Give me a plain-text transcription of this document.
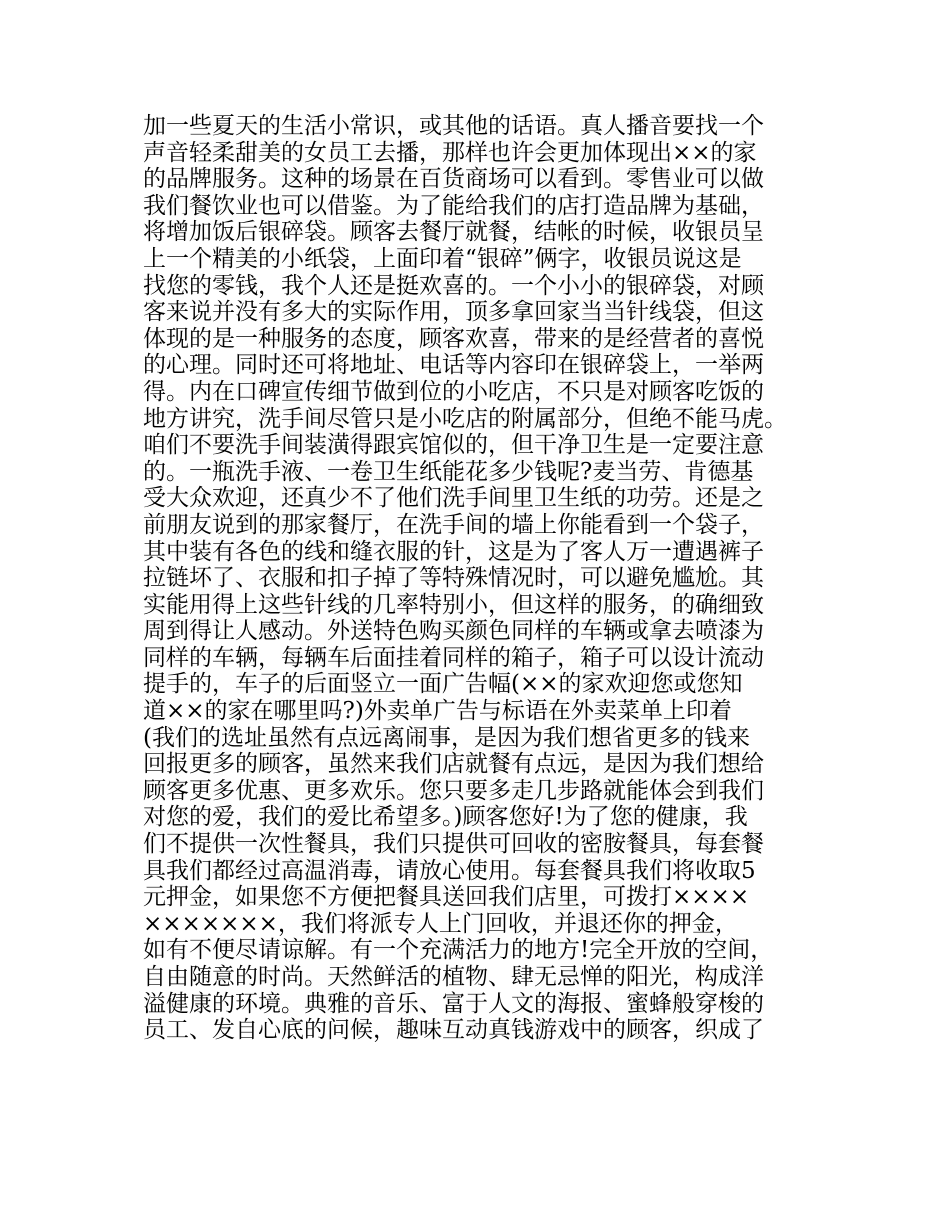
加一些夏天的生活小常识，或其他的话语。真人播音要找一个
声音轻柔甜美的女员工去播，那样也许会更加体现出××的家
的品牌服务。这种的场景在百货商场可以看到。零售业可以做
我们餐饮业也可以借鉴。为了能给我们的店打造品牌为基础，
将增加饭后银碎袋。顾客去餐厅就餐，结帐的时候，收银员呈
上一个精美的小纸袋，上面印着“银碎”俩字，收银员说这是
找您的零钱，我个人还是挺欢喜的。一个小小的银碎袋，对顾
客来说并没有多大的实际作用，顶多拿回家当当针线袋，但这
体现的是一种服务的态度，顾客欢喜，带来的是经营者的喜悦
的心理。同时还可将地址、电话等内容印在银碎袋上，一举两
得。内在口碑宣传细节做到位的小吃店，不只是对顾客吃饭的
地方讲究，洗手间尽管只是小吃店的附属部分，但绝不能马虎。
咱们不要洗手间装潢得跟宾馆似的，但干净卫生是一定要注意
的。一瓶洗手液、一卷卫生纸能花多少钱呢?麦当劳、肯德基
受大众欢迎，还真少不了他们洗手间里卫生纸的功劳。还是之
前朋友说到的那家餐厅，在洗手间的墙上你能看到一个袋子，
其中装有各色的线和缝衣服的针，这是为了客人万一遭遇裤子
拉链坏了、衣服和扣子掉了等特殊情况时，可以避免尴尬。其
实能用得上这些针线的几率特别小，但这样的服务，的确细致
周到得让人感动。外送特色购买颜色同样的车辆或拿去喷漆为
同样的车辆，每辆车后面挂着同样的箱子，箱子可以设计流动
提手的，车子的后面竖立一面广告幅(××的家欢迎您或您知
道××的家在哪里吗?)外卖单广告与标语在外卖菜单上印着
(我们的选址虽然有点远离闹事，是因为我们想省更多的钱来
回报更多的顾客，虽然来我们店就餐有点远，是因为我们想给
顾客更多优惠、更多欢乐。您只要多走几步路就能体会到我们
对您的爱，我们的爱比希望多。)顾客您好!为了您的健康，我
们不提供一次性餐具，我们只提供可回收的密胺餐具，每套餐
具我们都经过高温消毒，请放心使用。每套餐具我们将收取5
元押金，如果您不方便把餐具送回我们店里，可拨打××××
×××××××，我们将派专人上门回收，并退还你的押金，
如有不便尽请谅解。有一个充满活力的地方!完全开放的空间，
自由随意的时尚。天然鲜活的植物、肆无忌惮的阳光，构成洋
溢健康的环境。典雅的音乐、富于人文的海报、蜜蜂般穿梭的
员工、发自心底的问候，趣味互动真钱游戏中的顾客，织成了
